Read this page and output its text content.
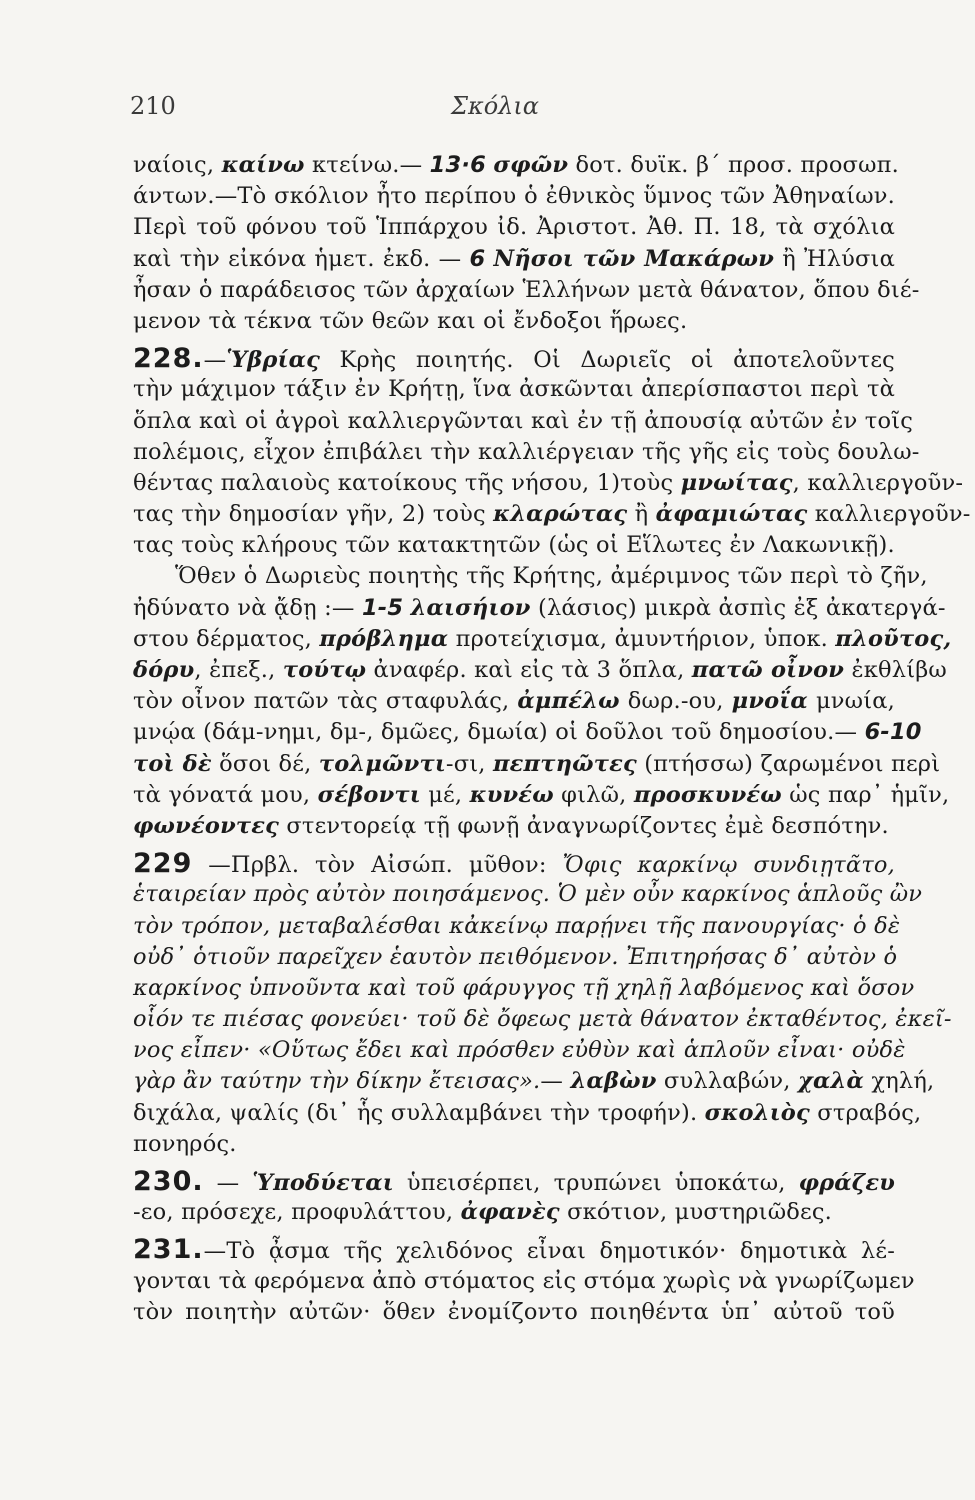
210	Σκόλια
ναίοις, καίνω κτείνω.— 13·6 σφῶν δοτ. δυϊκ. β΄ προσ. προσωπ.
άντων.—Τὸ σκόλιον ἦτο περίπου ὁ ἐθνικὸς ὕμνος τῶν Ἀθηναίων.
Περὶ τοῦ φόνου τοῦ Ἱππάρχου ἰδ. Ἀριστοτ. Ἀθ. Π. 18, τὰ σχόλια
καὶ τὴν εἰκόνα ἡμετ. ἐκδ. — 6 Νῆσοι τῶν Μακάρων ἢ Ἠλύσια
ἦσαν ὁ παράδεισος τῶν ἀρχαίων Ἑλλήνων μετὰ θάνατον, ὅπου διέ-
μενον τὰ τέκνα τῶν θεῶν και οἱ ἔνδοξοι ἥρωες.
228.—Ὑβρίας Κρὴς ποιητής. Οἱ Δωριεῖς οἱ ἀποτελοῦντες
τὴν μάχιμον τάξιν ἐν Κρήτῃ, ἵνα ἀσκῶνται ἀπερίσπαστοι περὶ τὰ
ὅπλα καὶ οἱ ἀγροὶ καλλιεργῶνται καὶ ἐν τῇ ἀπουσίᾳ αὐτῶν ἐν τοῖς
πολέμοις, εἶχον ἐπιβάλει τὴν καλλιέργειαν τῆς γῆς εἰς τοὺς δουλω-
θέντας παλαιοὺς κατοίκους τῆς νήσου, 1)τοὺς μνωίτας, καλλιεργοῦν-
τας τὴν δημοσίαν γῆν, 2) τοὺς κλαρώτας ἢ ἀφαμιώτας καλλιεργοῦν-
τας τοὺς κλήρους τῶν κατακτητῶν (ὡς οἱ Εἵλωτες ἐν Λακωνικῇ).
Ὅθεν ὁ Δωριεὺς ποιητὴς τῆς Κρήτης, ἀμέριμνος τῶν περὶ τὸ ζῆν,
ἠδύνατο νὰ ᾄδῃ :— 1-5 λαισήιον (λάσιος) μικρὰ ἀσπὶς ἐξ ἀκατεργά-
στου δέρματος, πρόβλημα προτείχισμα, ἀμυντήριον, ὑποκ. πλοῦτος,
δόρυ, ἐπεξ., τούτῳ ἀναφέρ. καὶ εἰς τὰ 3 ὅπλα, πατῶ οἶνον ἐκθλίβω
τὸν οἶνον πατῶν τὰς σταφυλάς, ἀμπέλω δωρ.-ου, μνοΐα μνωία,
μνῴα (δάμ-νημι, δμ-, δμῶες, δμωία) οἱ δοῦλοι τοῦ δημοσίου.— 6-10
τοὶ δὲ ὅσοι δέ, τολμῶντι-σι, πεπτηῶτες (πτήσσω) ζαρωμένοι περὶ
τὰ γόνατά μου, σέβοντι μέ, κυνέω φιλῶ, προσκυνέω ὡς παρ᾽ ἡμῖν,
φωνέοντες στεντορείᾳ τῇ φωνῇ ἀναγνωρίζοντες ἐμὲ δεσπότην.
229 —Πρβλ. τὸν Αἰσώπ. μῦθον: Ὄφις καρκίνῳ συνδιῃτᾶτο,
ἑταιρείαν πρὸς αὐτὸν ποιησάμενος. Ὁ μὲν οὖν καρκίνος ἁπλοῦς ὢν
τὸν τρόπον, μεταβαλέσθαι κἀκείνῳ παρῄνει τῆς πανουργίας· ὁ δὲ
οὐδ᾽ ὁτιοῦν παρεῖχεν ἑαυτὸν πειθόμενον. Ἐπιτηρήσας δ᾽ αὐτὸν ὁ
καρκίνος ὑπνοῦντα καὶ τοῦ φάρυγγος τῇ χηλῇ λαβόμενος καὶ ὅσον
οἷόν τε πιέσας φονεύει· τοῦ δὲ ὄφεως μετὰ θάνατον ἐκταθέντος, ἐκεῖ-
νος εἶπεν· «Οὕτως ἔδει καὶ πρόσθεν εὐθὺν καὶ ἁπλοῦν εἶναι· οὐδὲ
γὰρ ἂν ταύτην τὴν δίκην ἔτεισας».— λαβὼν συλλαβών, χαλὰ χηλή,
διχάλα, ψαλίς (δι᾽ ἧς συλλαμβάνει τὴν τροφήν). σκολιὸς στραβός,
πονηρός.
230. — Ὑποδύεται ὑπεισέρπει, τρυπώνει ὑποκάτω, φράζευ
-εο, πρόσεχε, προφυλάττου, ἀφανὲς σκότιον, μυστηριῶδες.
231.—Τὸ ᾆσμα τῆς χελιδόνος εἶναι δημοτικόν· δημοτικὰ λέ-
γονται τὰ φερόμενα ἀπὸ στόματος εἰς στόμα χωρὶς νὰ γνωρίζωμεν
τὸν ποιητὴν αὐτῶν· ὅθεν ἐνομίζοντο ποιηθέντα ὑπ᾽ αὐτοῦ τοῦ
